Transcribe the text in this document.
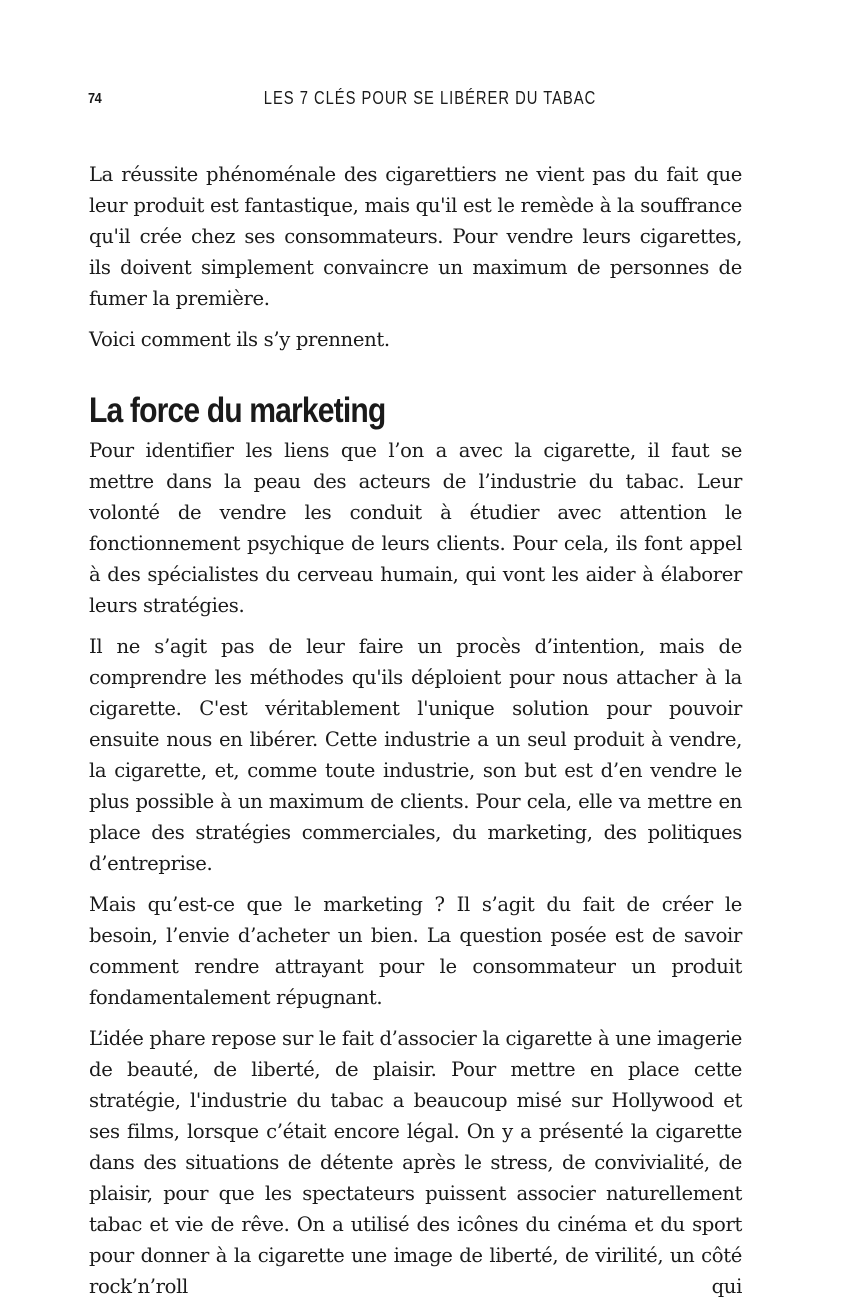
74	LES 7 CLÉS POUR SE LIBÉRER DU TABAC

La réussite phénoménale des cigarettiers ne vient pas du fait que leur produit est fantastique, mais qu'il est le remède à la souffrance qu'il crée chez ses consommateurs. Pour vendre leurs cigarettes, ils doivent simplement convaincre un maximum de personnes de fumer la première.

Voici comment ils s’y prennent.

La force du marketing

Pour identifier les liens que l’on a avec la cigarette, il faut se mettre dans la peau des acteurs de l’industrie du tabac. Leur volonté de vendre les conduit à étudier avec attention le fonctionnement psychique de leurs clients. Pour cela, ils font appel à des spécialistes du cerveau humain, qui vont les aider à élaborer leurs stratégies.

Il ne s’agit pas de leur faire un procès d’intention, mais de comprendre les méthodes qu'ils déploient pour nous attacher à la cigarette. C'est véritablement l'unique solution pour pouvoir ensuite nous en libérer. Cette industrie a un seul produit à vendre, la cigarette, et, comme toute industrie, son but est d’en vendre le plus possible à un maximum de clients. Pour cela, elle va mettre en place des stratégies commerciales, du marketing, des politiques d’entreprise.

Mais qu’est-ce que le marketing ? Il s’agit du fait de créer le besoin, l’envie d’acheter un bien. La question posée est de savoir comment rendre attrayant pour le consommateur un produit fondamentalement répugnant.

L’idée phare repose sur le fait d’associer la cigarette à une imagerie de beauté, de liberté, de plaisir. Pour mettre en place cette stratégie, l'industrie du tabac a beaucoup misé sur Hollywood et ses films, lorsque c’était encore légal. On y a présenté la cigarette dans des situations de détente après le stress, de convivialité, de plaisir, pour que les spectateurs puissent associer naturellement tabac et vie de rêve. On a utilisé des icônes du cinéma et du sport pour donner à la cigarette une image de liberté, de virilité, un côté rock’n’roll qui
